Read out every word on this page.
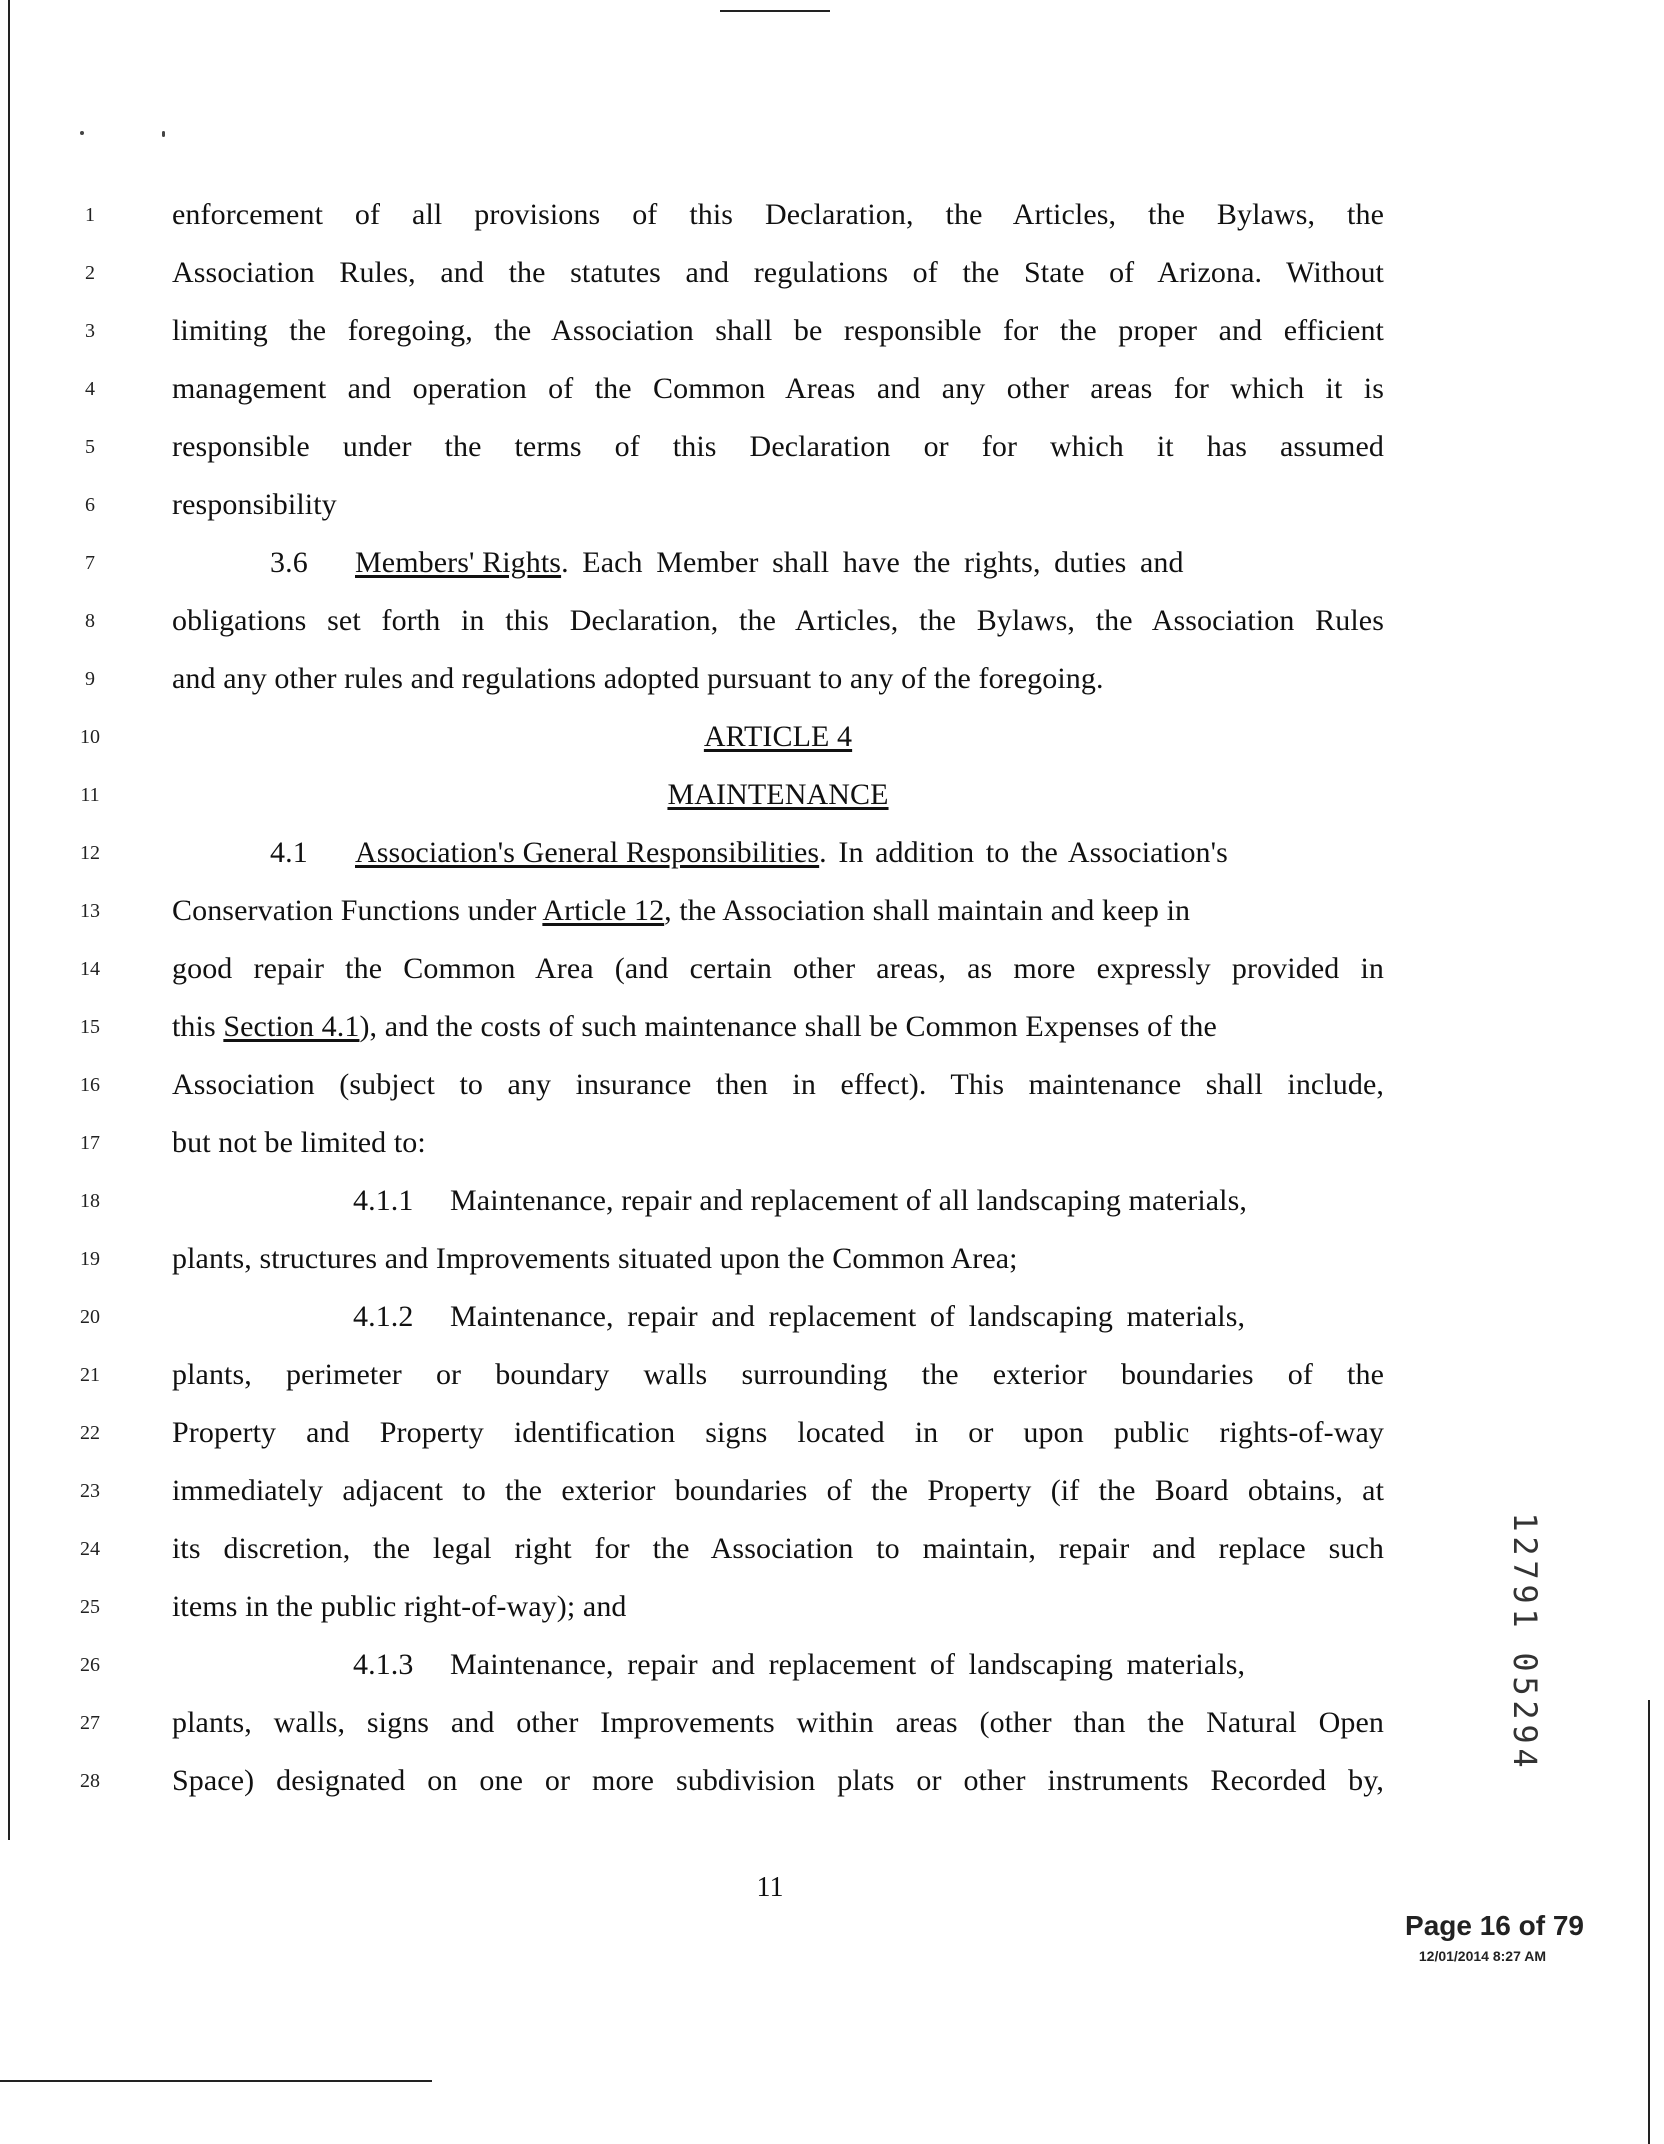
1
2
3
4
5
6
7
8
9
10
11
12
13
14
15
16
17
18
19
20
21
22
23
24
25
26
27
28
enforcement of all provisions of this Declaration, the Articles, the Bylaws, the
Association Rules, and the statutes and regulations of the State of Arizona. Without
limiting the foregoing, the Association shall be responsible for the proper and efficient
management and operation of the Common Areas and any other areas for which it is
responsible under the terms of this Declaration or for which it has assumed
responsibility
3.6 Members' Rights. Each Member shall have the rights, duties and
obligations set forth in this Declaration, the Articles, the Bylaws, the Association Rules
and any other rules and regulations adopted pursuant to any of the foregoing.
ARTICLE 4
MAINTENANCE
4.1 Association's General Responsibilities. In addition to the Association's
Conservation Functions under Article 12, the Association shall maintain and keep in
good repair the Common Area (and certain other areas, as more expressly provided in
this Section 4.1), and the costs of such maintenance shall be Common Expenses of the
Association (subject to any insurance then in effect). This maintenance shall include,
but not be limited to:
4.1.1 Maintenance, repair and replacement of all landscaping materials,
plants, structures and Improvements situated upon the Common Area;
4.1.2 Maintenance, repair and replacement of landscaping materials,
plants, perimeter or boundary walls surrounding the exterior boundaries of the
Property and Property identification signs located in or upon public rights-of-way
immediately adjacent to the exterior boundaries of the Property (if the Board obtains, at
its discretion, the legal right for the Association to maintain, repair and replace such
items in the public right-of-way); and
4.1.3 Maintenance, repair and replacement of landscaping materials,
plants, walls, signs and other Improvements within areas (other than the Natural Open
Space) designated on one or more subdivision plats or other instruments Recorded by,
1
2
7
9
1
0
5
2
9
4
11
Page 16 of 79
12/01/2014 8:27 AM
